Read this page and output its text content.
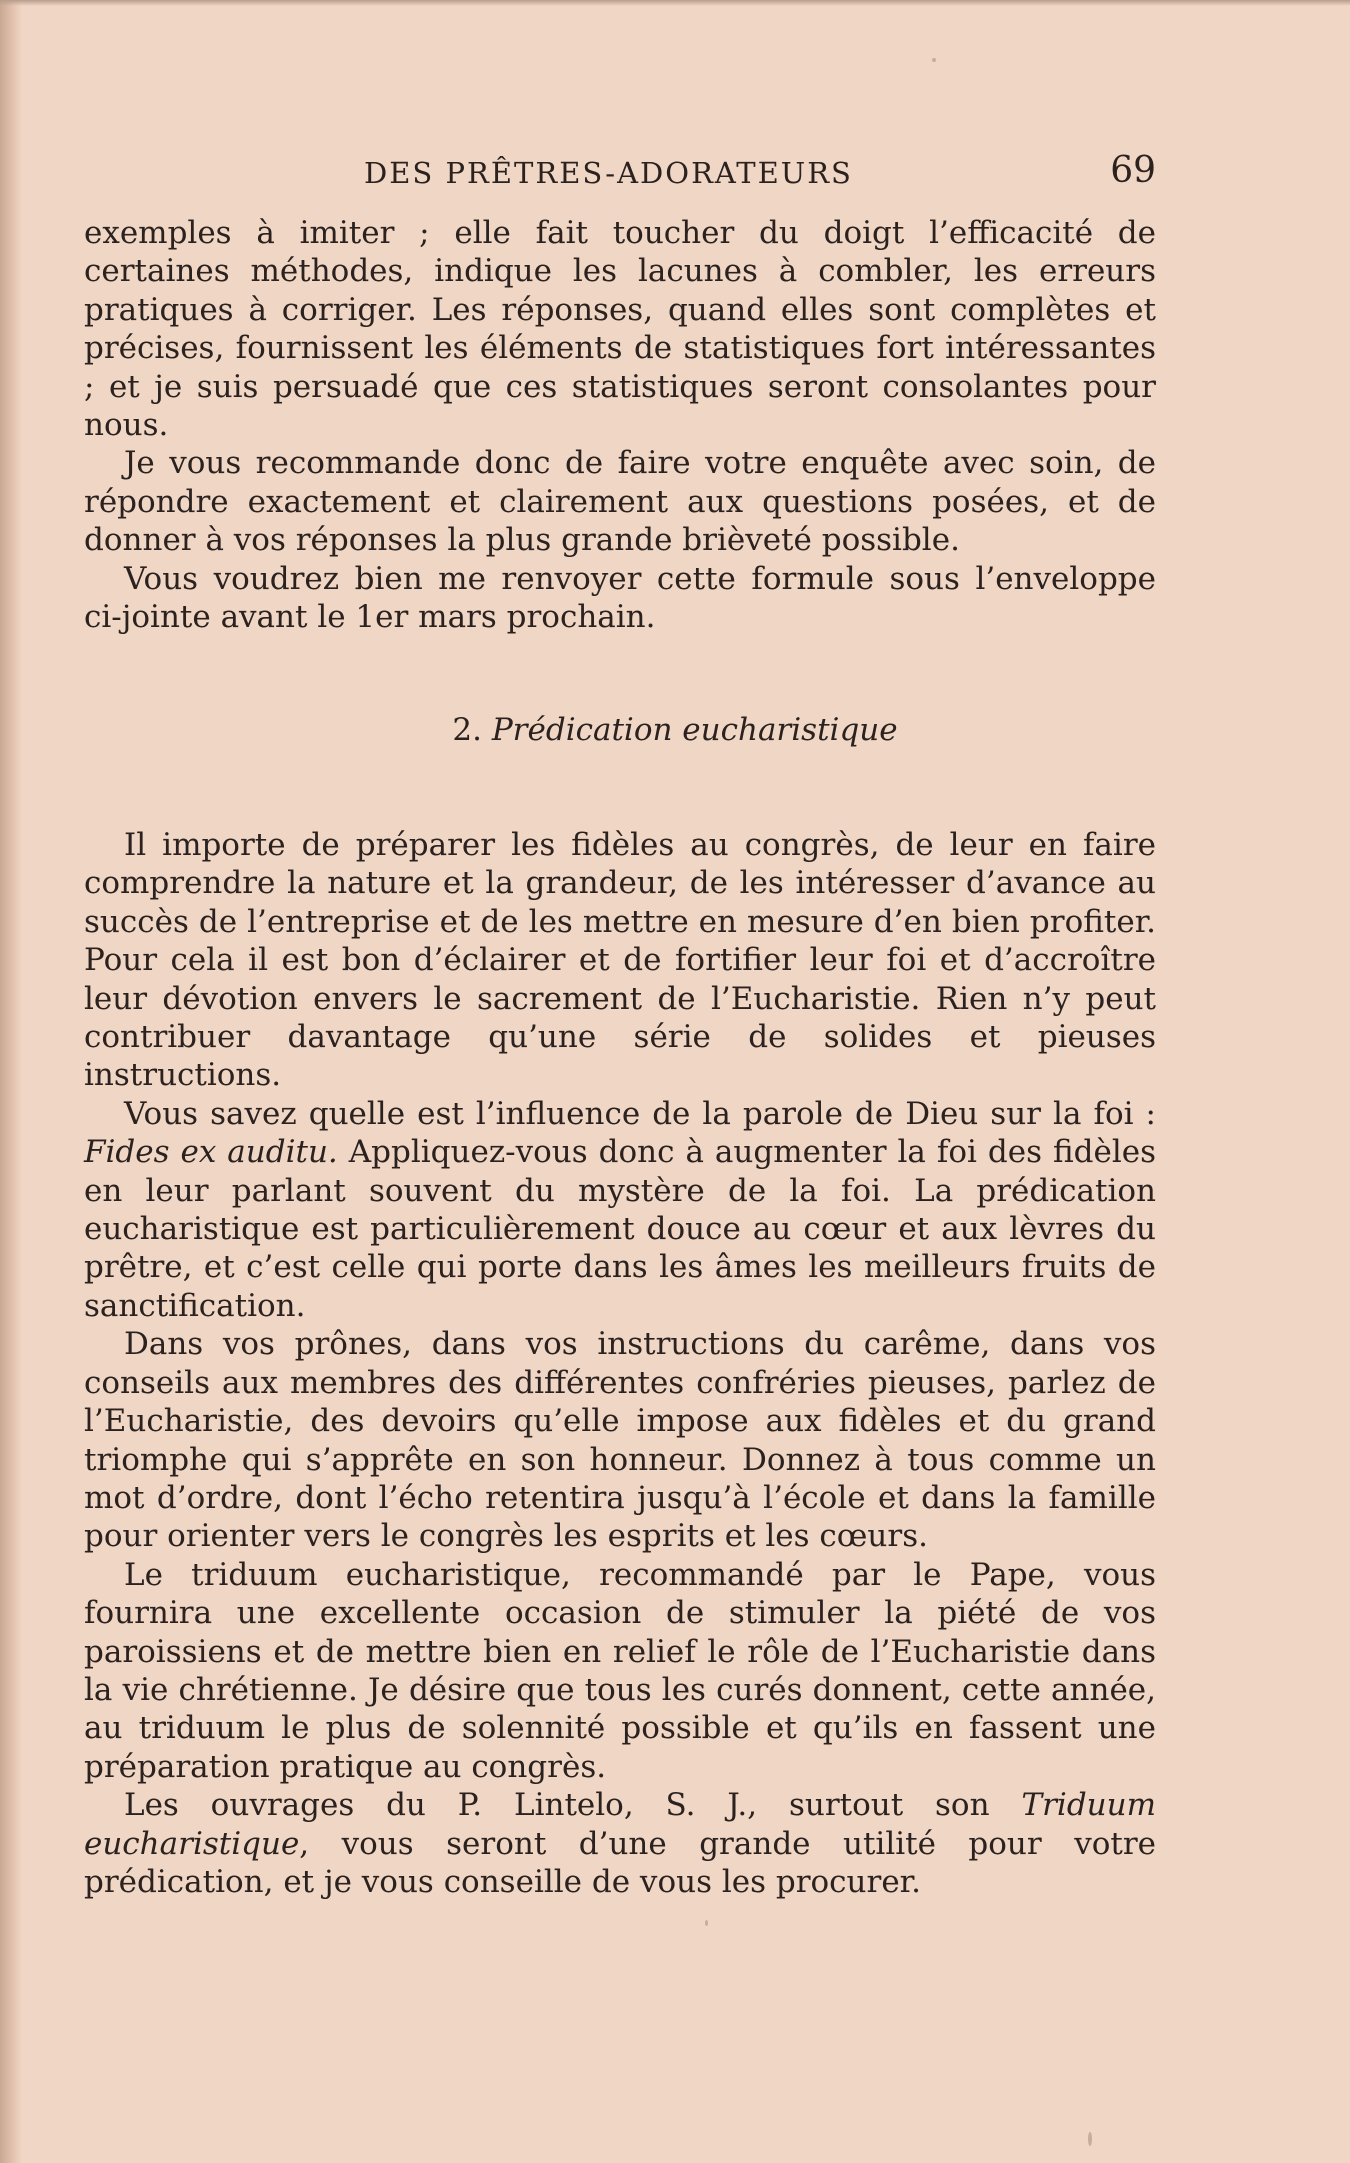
DES PRÊTRES-ADORATEURS	69

exemples à imiter ; elle fait toucher du doigt l’efficacité de certaines méthodes, indique les lacunes à combler, les erreurs pratiques à corriger. Les réponses, quand elles sont complètes et précises, fournissent les éléments de statistiques fort intéressantes ; et je suis persuadé que ces statistiques seront consolantes pour nous.

Je vous recommande donc de faire votre enquête avec soin, de répondre exactement et clairement aux questions posées, et de donner à vos réponses la plus grande brièveté possible.

Vous voudrez bien me renvoyer cette formule sous l’enveloppe ci-jointe avant le 1er mars prochain.

2. Prédication eucharistique

Il importe de préparer les fidèles au congrès, de leur en faire comprendre la nature et la grandeur, de les intéresser d’avance au succès de l’entreprise et de les mettre en mesure d’en bien profiter. Pour cela il est bon d’éclairer et de fortifier leur foi et d’accroître leur dévotion envers le sacrement de l’Eucharistie. Rien n’y peut contribuer davantage qu’une série de solides et pieuses instructions.

Vous savez quelle est l’influence de la parole de Dieu sur la foi : Fides ex auditu. Appliquez-vous donc à augmenter la foi des fidèles en leur parlant souvent du mystère de la foi. La prédication eucharistique est particulièrement douce au cœur et aux lèvres du prêtre, et c’est celle qui porte dans les âmes les meilleurs fruits de sanctification.

Dans vos prônes, dans vos instructions du carême, dans vos conseils aux membres des différentes confréries pieuses, parlez de l’Eucharistie, des devoirs qu’elle impose aux fidèles et du grand triomphe qui s’apprête en son honneur. Donnez à tous comme un mot d’ordre, dont l’écho retentira jusqu’à l’école et dans la famille pour orienter vers le congrès les esprits et les cœurs.

Le triduum eucharistique, recommandé par le Pape, vous fournira une excellente occasion de stimuler la piété de vos paroissiens et de mettre bien en relief le rôle de l’Eucharistie dans la vie chrétienne. Je désire que tous les curés donnent, cette année, au triduum le plus de solennité possible et qu’ils en fassent une préparation pratique au congrès.

Les ouvrages du P. Lintelo, S. J., surtout son Triduum eucharistique, vous seront d’une grande utilité pour votre prédication, et je vous conseille de vous les procurer.
